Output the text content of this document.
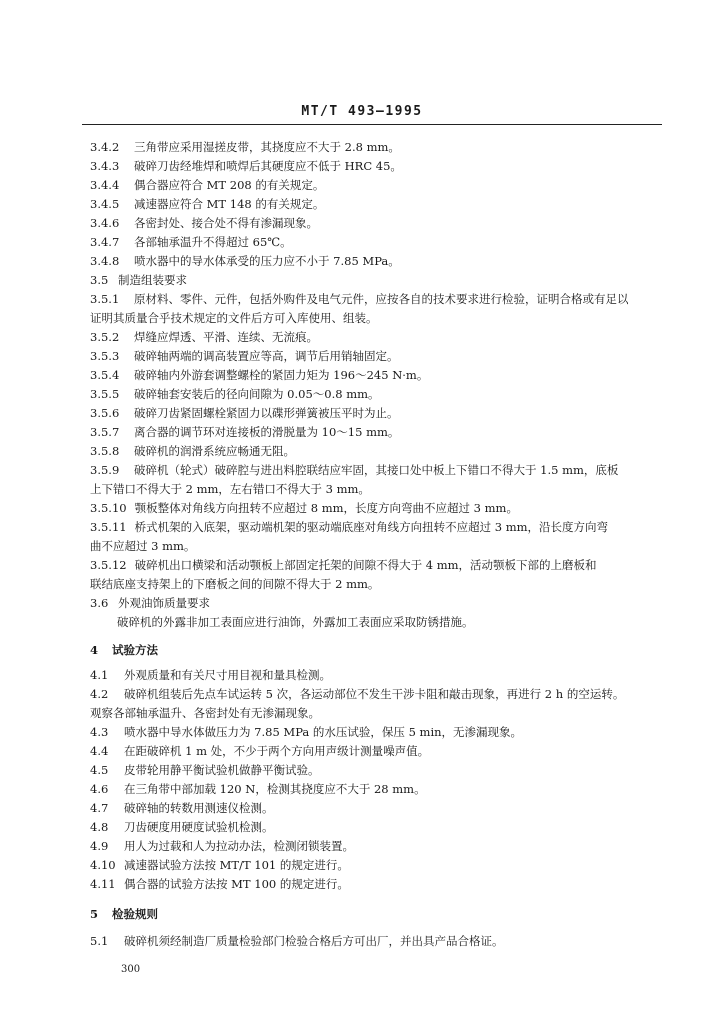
MT/T 493—1995
3.4.2 三角带应采用湿搓皮带，其挠度应不大于 2.8 mm。
3.4.3 破碎刀齿经堆焊和喷焊后其硬度应不低于 HRC 45。
3.4.4 偶合器应符合 MT 208 的有关规定。
3.4.5 减速器应符合 MT 148 的有关规定。
3.4.6 各密封处、接合处不得有渗漏现象。
3.4.7 各部轴承温升不得超过 65℃。
3.4.8 喷水器中的导水体承受的压力应不小于 7.85 MPa。
3.5 制造组装要求
3.5.1 原材料、零件、元件，包括外购件及电气元件，应按各自的技术要求进行检验，证明合格或有足以
证明其质量合乎技术规定的文件后方可入库使用、组装。
3.5.2 焊缝应焊透、平滑、连续、无流痕。
3.5.3 破碎轴两端的调高装置应等高，调节后用销轴固定。
3.5.4 破碎轴内外游套调整螺栓的紧固力矩为 196～245 N·m。
3.5.5 破碎轴套安装后的径向间隙为 0.05～0.8 mm。
3.5.6 破碎刀齿紧固螺栓紧固力以碟形弹簧被压平时为止。
3.5.7 离合器的调节环对连接板的滑脱量为 10～15 mm。
3.5.8 破碎机的润滑系统应畅通无阻。
3.5.9 破碎机（轮式）破碎腔与进出料腔联结应牢固，其接口处中板上下错口不得大于 1.5 mm，底板
上下错口不得大于 2 mm，左右错口不得大于 3 mm。
3.5.10 颚板整体对角线方向扭转不应超过 8 mm，长度方向弯曲不应超过 3 mm。
3.5.11 桥式机架的入底架，驱动端机架的驱动端底座对角线方向扭转不应超过 3 mm，沿长度方向弯
曲不应超过 3 mm。
3.5.12 破碎机出口横梁和活动颚板上部固定托架的间隙不得大于 4 mm，活动颚板下部的上磨板和
联结底座支持架上的下磨板之间的间隙不得大于 2 mm。
3.6 外观油饰质量要求
破碎机的外露非加工表面应进行油饰，外露加工表面应采取防锈措施。
4 试验方法
4.1 外观质量和有关尺寸用目视和量具检测。
4.2 破碎机组装后先点车试运转 5 次，各运动部位不发生干涉卡阻和敲击现象，再进行 2 h 的空运转。
观察各部轴承温升、各密封处有无渗漏现象。
4.3 喷水器中导水体做压力为 7.85 MPa 的水压试验，保压 5 min，无渗漏现象。
4.4 在距破碎机 1 m 处，不少于两个方向用声级计测量噪声值。
4.5 皮带轮用静平衡试验机做静平衡试验。
4.6 在三角带中部加载 120 N，检测其挠度应不大于 28 mm。
4.7 破碎轴的转数用测速仪检测。
4.8 刀齿硬度用硬度试验机检测。
4.9 用人为过载和人为拉动办法，检测闭锁装置。
4.10 减速器试验方法按 MT/T 101 的规定进行。
4.11 偶合器的试验方法按 MT 100 的规定进行。
5 检验规则
5.1 破碎机须经制造厂质量检验部门检验合格后方可出厂，并出具产品合格证。
300
